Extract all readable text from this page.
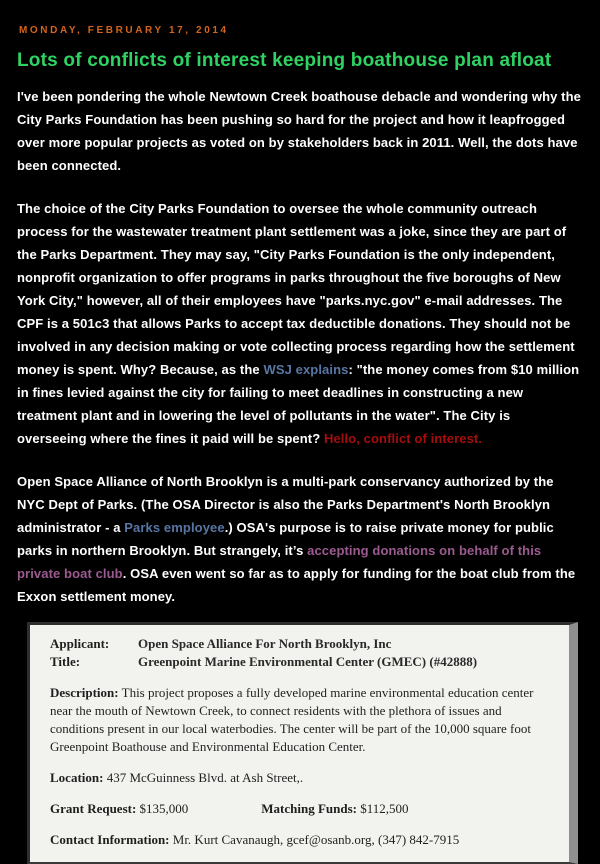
MONDAY, FEBRUARY 17, 2014
Lots of conflicts of interest keeping boathouse plan afloat

I've been pondering the whole Newtown Creek boathouse debacle and wondering why the City Parks Foundation has been pushing so hard for the project and how it leapfrogged over more popular projects as voted on by stakeholders back in 2011. Well, the dots have been connected.

The choice of the City Parks Foundation to oversee the whole community outreach process for the wastewater treatment plant settlement was a joke, since they are part of the Parks Department. They may say, "City Parks Foundation is the only independent, nonprofit organization to offer programs in parks throughout the five boroughs of New York City," however, all of their employees have "parks.nyc.gov" e-mail addresses. The CPF is a 501c3 that allows Parks to accept tax deductible donations. They should not be involved in any decision making or vote collecting process regarding how the settlement money is spent. Why? Because, as the WSJ explains: "the money comes from $10 million in fines levied against the city for failing to meet deadlines in constructing a new treatment plant and in lowering the level of pollutants in the water". The City is overseeing where the fines it paid will be spent? Hello, conflict of interest.

Open Space Alliance of North Brooklyn is a multi-park conservancy authorized by the NYC Dept of Parks. (The OSA Director is also the Parks Department's North Brooklyn administrator - a Parks employee.) OSA's purpose is to raise private money for public parks in northern Brooklyn. But strangely, it’s accepting donations on behalf of this private boat club. OSA even went so far as to apply for funding for the boat club from the Exxon settlement money.

Applicant:	Open Space Alliance For North Brooklyn, Inc
Title:	Greenpoint Marine Environmental Center (GMEC) (#42888)
Description: This project proposes a fully developed marine environmental education center near the mouth of Newtown Creek, to connect residents with the plethora of issues and conditions present in our local waterbodies. The center will be part of the 10,000 square foot Greenpoint Boathouse and Environmental Education Center.
Location: 437 McGuinness Blvd. at Ash Street,.
Grant Request: $135,000	Matching Funds: $112,500
Contact Information: Mr. Kurt Cavanaugh, gcef@osanb.org, (347) 842-7915
